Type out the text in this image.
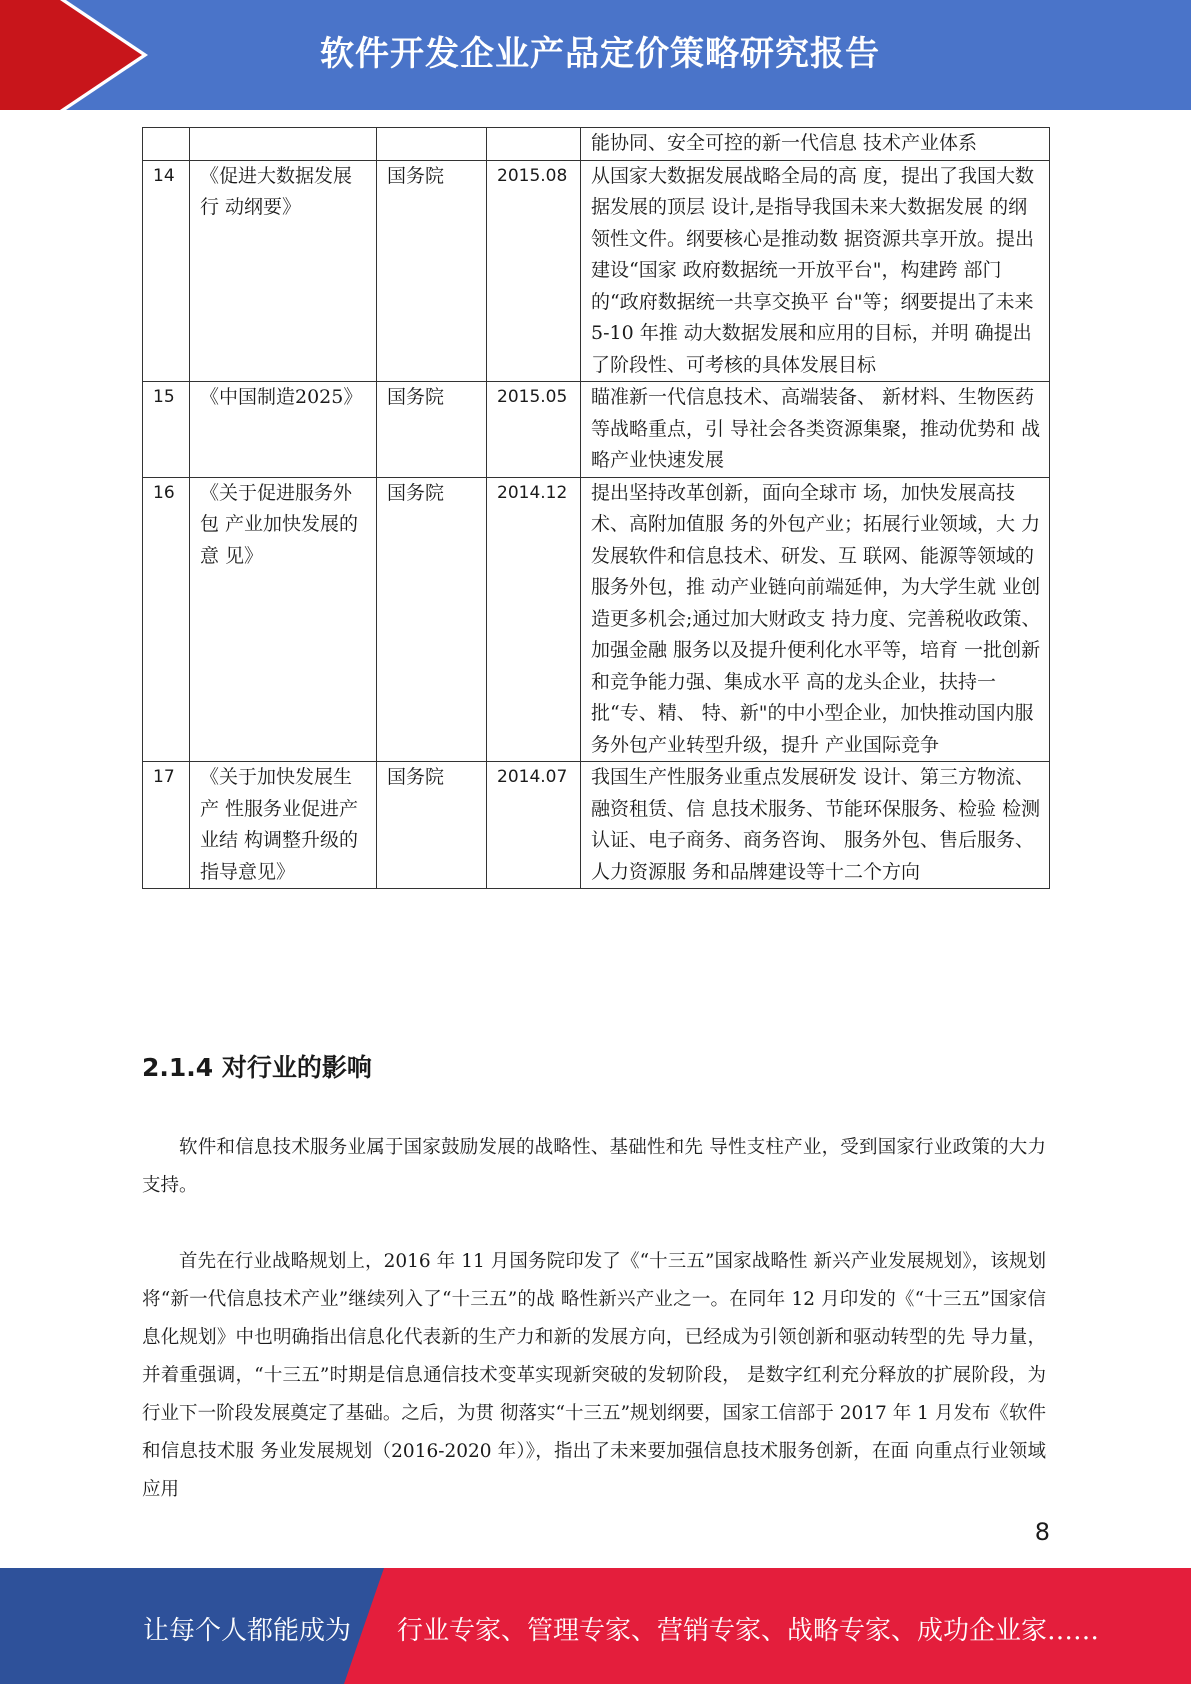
软件开发企业产品定价策略研究报告
				能协同、安全可控的新一代信息 技术产业体系
14	《促进大数据发展行 动纲要》	国务院	2015.08	从国家大数据发展战略全局的高 度，提出了我国大数据发展的顶层 设计,是指导我国未来大数据发展 的纲领性文件。纲要核心是推动数 据资源共享开放。提出建设“国家 政府数据统一开放平台"，构建跨 部门的“政府数据统一共享交换平 台"等；纲要提出了未来 5-10 年推 动大数据发展和应用的目标，并明 确提出了阶段性、可考核的具体发展目标
15	《中国制造2025》	国务院	2015.05	瞄准新一代信息技术、高端装备、 新材料、生物医药等战略重点，引 导社会各类资源集聚，推动优势和 战略产业快速发展
16	《关于促进服务外包 产业加快发展的意 见》	国务院	2014.12	提出坚持改革创新，面向全球市 场，加快发展高技术、高附加值服 务的外包产业；拓展行业领域，大 力发展软件和信息技术、研发、互 联网、能源等领域的服务外包，推 动产业链向前端延伸，为大学生就 业创造更多机会;通过加大财政支 持力度、完善税收政策、加强金融 服务以及提升便利化水平等，培育 一批创新和竞争能力强、集成水平 高的龙头企业，扶持一批“专、精、 特、新"的中小型企业，加快推动国内服务外包产业转型升级，提升 产业国际竞争
17	《关于加快发展生产 性服务业促进产业结 构调整升级的指导意见》	国务院	2014.07	我国生产性服务业重点发展研发 设计、第三方物流、融资租赁、信 息技术服务、节能环保服务、检验 检测认证、电子商务、商务咨询、 服务外包、售后服务、人力资源服 务和品牌建设等十二个方向
2.1.4 对行业的影响

软件和信息技术服务业属于国家鼓励发展的战略性、基础性和先 导性支柱产业，受到国家行业政策的大力支持。

首先在行业战略规划上，2016 年 11 月国务院印发了《“十三五”国家战略性 新兴产业发展规划》，该规划将“新一代信息技术产业”继续列入了“十三五”的战 略性新兴产业之一。在同年 12 月印发的《“十三五”国家信息化规划》中也明确指出信息化代表新的生产力和新的发展方向，已经成为引领创新和驱动转型的先 导力量，并着重强调，“十三五”时期是信息通信技术变革实现新突破的发轫阶段， 是数字红利充分释放的扩展阶段，为行业下一阶段发展奠定了基础。之后，为贯 彻落实“十三五”规划纲要，国家工信部于 2017 年 1 月发布《软件和信息技术服 务业发展规划（2016-2020 年）》，指出了未来要加强信息技术服务创新，在面 向重点行业领域应用

8
让每个人都能成为 行业专家、管理专家、营销专家、战略专家、成功企业家……
